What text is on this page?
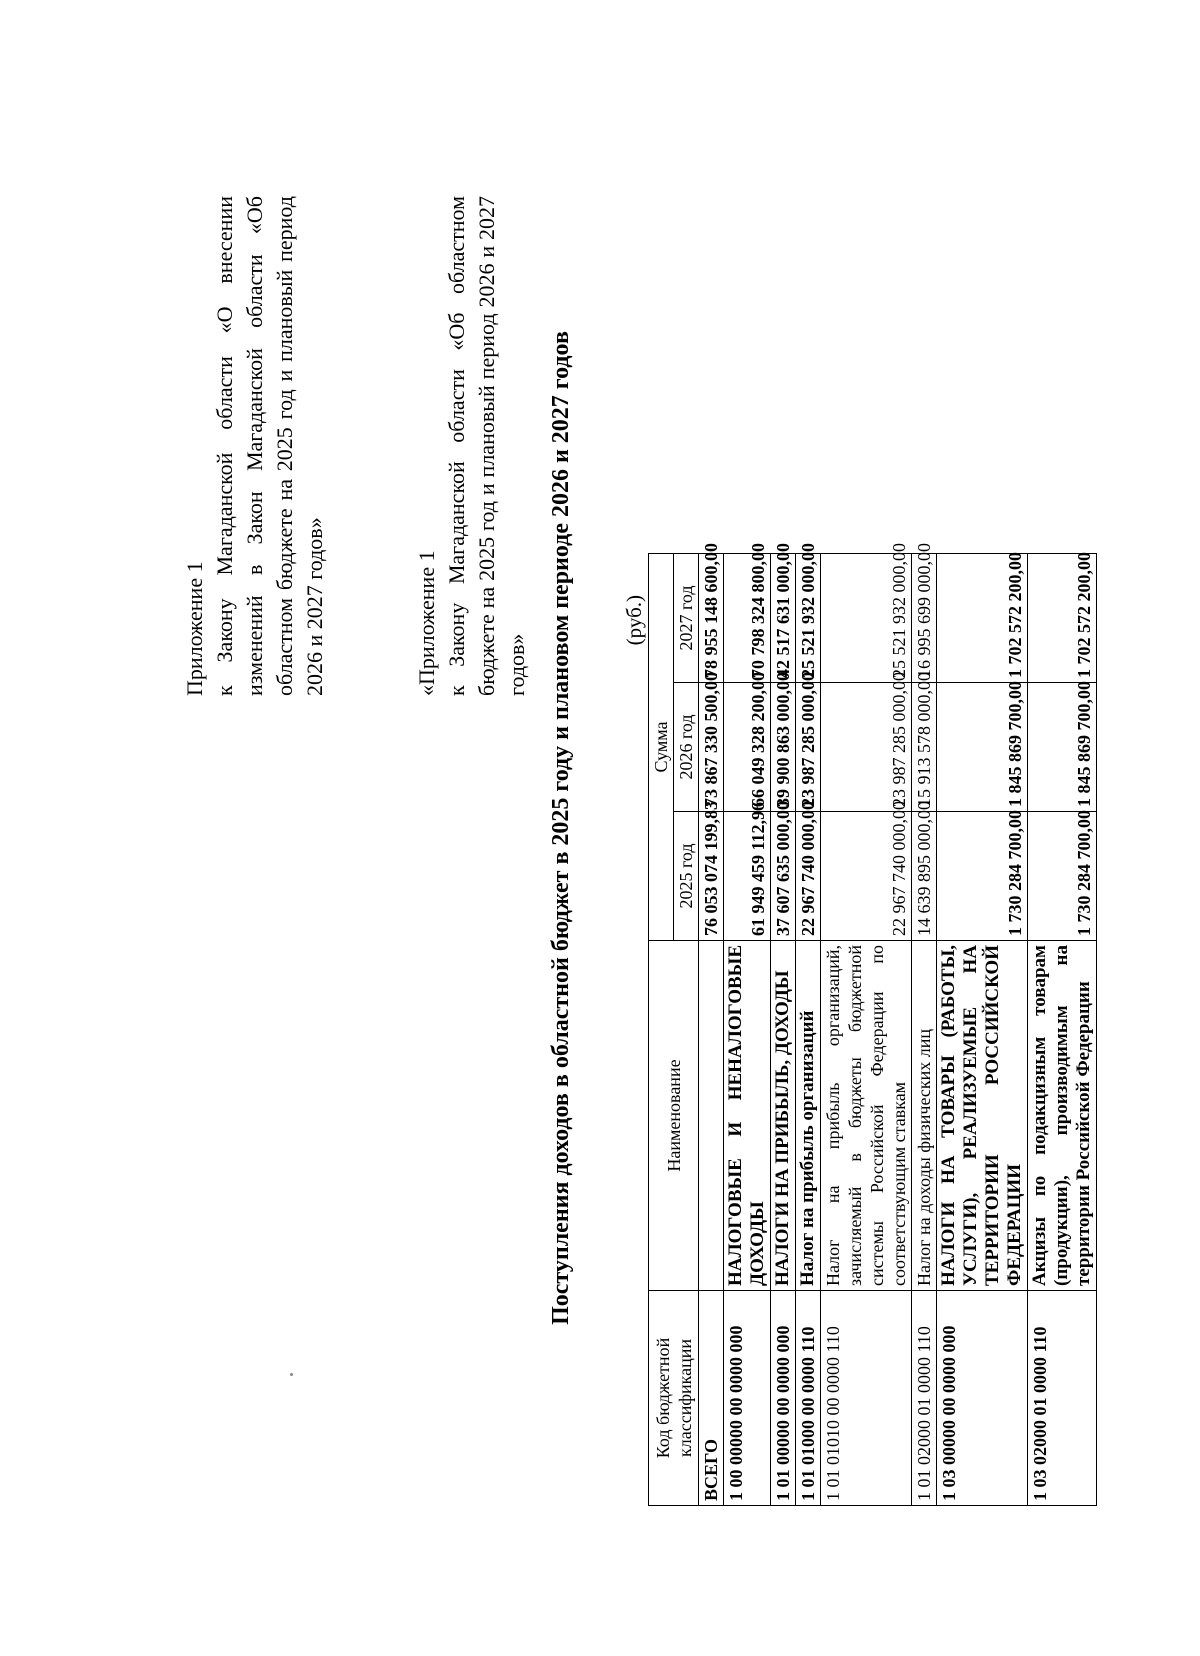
Приложение 1 к Закону Магаданской области «О внесении изменений в Закон Магаданской области «Об областном бюджете на 2025 год и плановый период 2026 и 2027 годов»	«Приложение 1 к Закону Магаданской области «Об областном бюджете на 2025 год и плановый период 2026 и 2027 годов» Поступления доходов в областной бюджет в 2025 году и плановом периоде 2026 и 2027 годов (руб.)
Код бюджетной классификации	Наименование	Сумма		
		2025 год	2026 год	2027 год
ВСЕГО		76 053 074 199,83	73 867 330 500,00	78 955 148 600,00
1 00 00000 00 0000 000	НАЛОГОВЫЕ И НЕНАЛОГОВЫЕ ДОХОДЫ	61 949 459 112,96	66 049 328 200,00	70 798 324 800,00
1 01 00000 00 0000 000	НАЛОГИ НА ПРИБЫЛЬ, ДОХОДЫ	37 607 635 000,00	39 900 863 000,00	42 517 631 000,00
1 01 01000 00 0000 110	Налог на прибыль организаций	22 967 740 000,00	23 987 285 000,00	25 521 932 000,00
1 01 01010 00 0000 110	Налог на прибыль организаций, зачисляемый в бюджеты бюджетной системы Российской Федерации по соответствующим ставкам	22 967 740 000,00	23 987 285 000,00	25 521 932 000,00
1 01 02000 01 0000 110	Налог на доходы физических лиц	14 639 895 000,00	15 913 578 000,00	16 995 699 000,00
1 03 00000 00 0000 000	НАЛОГИ НА ТОВАРЫ (РАБОТЫ, УСЛУГИ), РЕАЛИЗУЕМЫЕ НА ТЕРРИТОРИИ РОССИЙСКОЙ ФЕДЕРАЦИИ	1 730 284 700,00	1 845 869 700,00	1 702 572 200,00
1 03 02000 01 0000 110	Акцизы по подакцизным товарам (продукции), производимым на территории Российской Федерации	1 730 284 700,00	1 845 869 700,00	1 702 572 200,00
